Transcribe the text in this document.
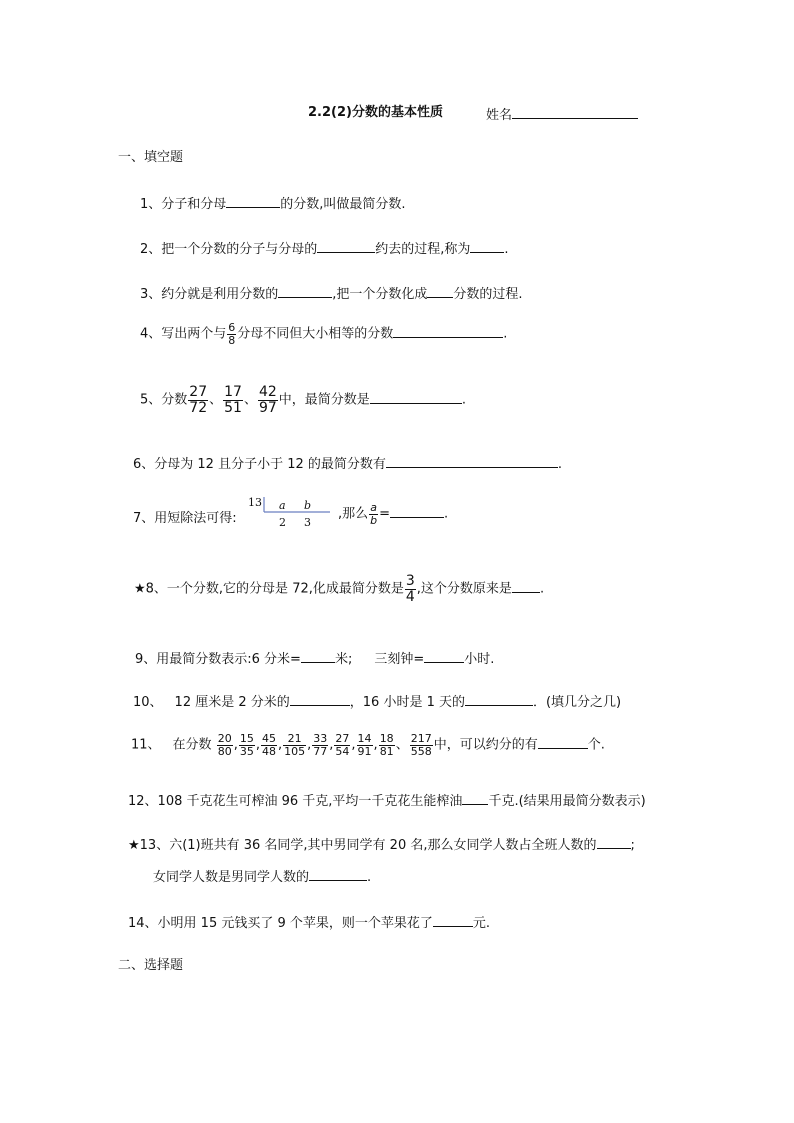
2.2(2)分数的基本性质	姓名
一、填空题
1、分子和分母	的分数,叫做最简分数.
2、把一个分数的分子与分母的	约去的过程,称为	.
3、约分就是利用分数的	,把一个分数化成 分数的过程.
4、写出两个与 $\frac{6}{8}$ 分母不同但大小相等的分数	.
5、分数 $\frac{27}{72}$ 、 $\frac{17}{51}$ 、 $\frac{42}{97}$ 中，最简分数是	.
6、分母为 12 且分子小于 12 的最简分数有	.
7、用短除法可得:
13 a b
2 3
,那么 $\frac{a}{b}$ =	.
★8、一个分数,它的分母是 72,化成最简分数是 $\frac{3}{4}$ ,这个分数原来是 .
9、用最简分数表示:6 分米=	米; 三刻钟=	小时.
10、 12 厘米是 2 分米的	，16 小时是 1 天的	．(填几分之几)
11、 在分数 $\frac{20}{80}$ , $\frac{15}{35}$ , $\frac{45}{48}$ , $\frac{21}{105}$ , $\frac{33}{77}$ , $\frac{27}{54}$ , $\frac{14}{91}$ , $\frac{18}{81}$ 、 $\frac{217}{558}$ 中，可以约分的有	个.
12、108 千克花生可榨油 96 千克,平均一千克花生能榨油 千克.(结果用最简分数表示)
★13、六(1)班共有 36 名同学,其中男同学有 20 名,那么女同学人数占全班人数的	;
女同学人数是男同学人数的	.
14、小明用 15 元钱买了 9 个苹果，则一个苹果花了	元.
二、选择题
